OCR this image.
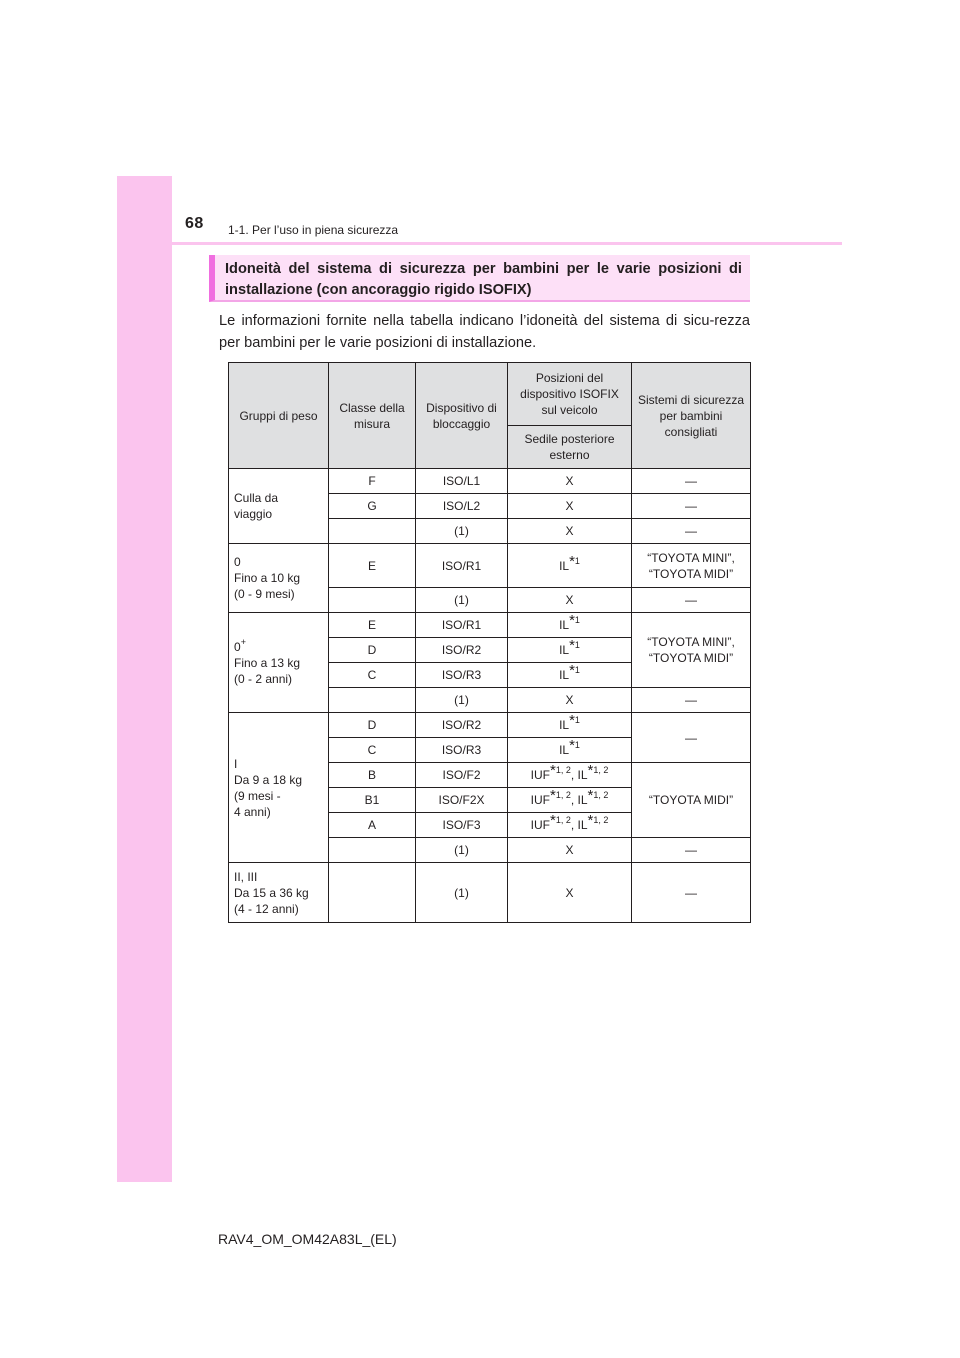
68 1-1. Per l’uso in piena sicurezza
Idoneità del sistema di sicurezza per bambini per le varie posizioni di installazione (con ancoraggio rigido ISOFIX)
Le informazioni fornite nella tabella indicano l’idoneità del sistema di sicu-rezza per bambini per le varie posizioni di installazione.
Gruppi di peso	Classe della misura	Dispositivo di bloccaggio	Posizioni del dispositivo ISOFIX sul veicolo	Sistemi di sicurezza per bambini consigliati
			Sedile posteriore esterno	
Culla da
viaggio	F	ISO/L1	X	—
	G	ISO/L2	X	—
		(1)	X	—
0
Fino a 10 kg
(0 - 9 mesi)	E	ISO/R1	IL*$^1$	“TOYOTA MINI”, “TOYOTA MIDI”
		(1)	X	—
0+
Fino a 13 kg
(0 - 2 anni)	E	ISO/R1	IL*$^1$	“TOYOTA MINI”, “TOYOTA MIDI”
	D	ISO/R2	IL*$^1$
	C	ISO/R3	IL*$^1$
		(1)	X	—
I
Da 9 a 18 kg
(9 mesi -
4 anni)	D	ISO/R2	IL*$^1$	—
	C	ISO/R3	IL*$^1$
	B	ISO/F2	IUF*$^{1, 2}$, IL*$^{1, 2}$	“TOYOTA MIDI”
	B1	ISO/F2X	IUF*$^{1, 2}$, IL*$^{1, 2}$
	A	ISO/F3	IUF*$^{1, 2}$, IL*$^{1, 2}$
		(1)	X	—
II, III
Da 15 a 36 kg
(4 - 12 anni)		(1)	X	—
RAV4_OM_OM42A83L_(EL)
